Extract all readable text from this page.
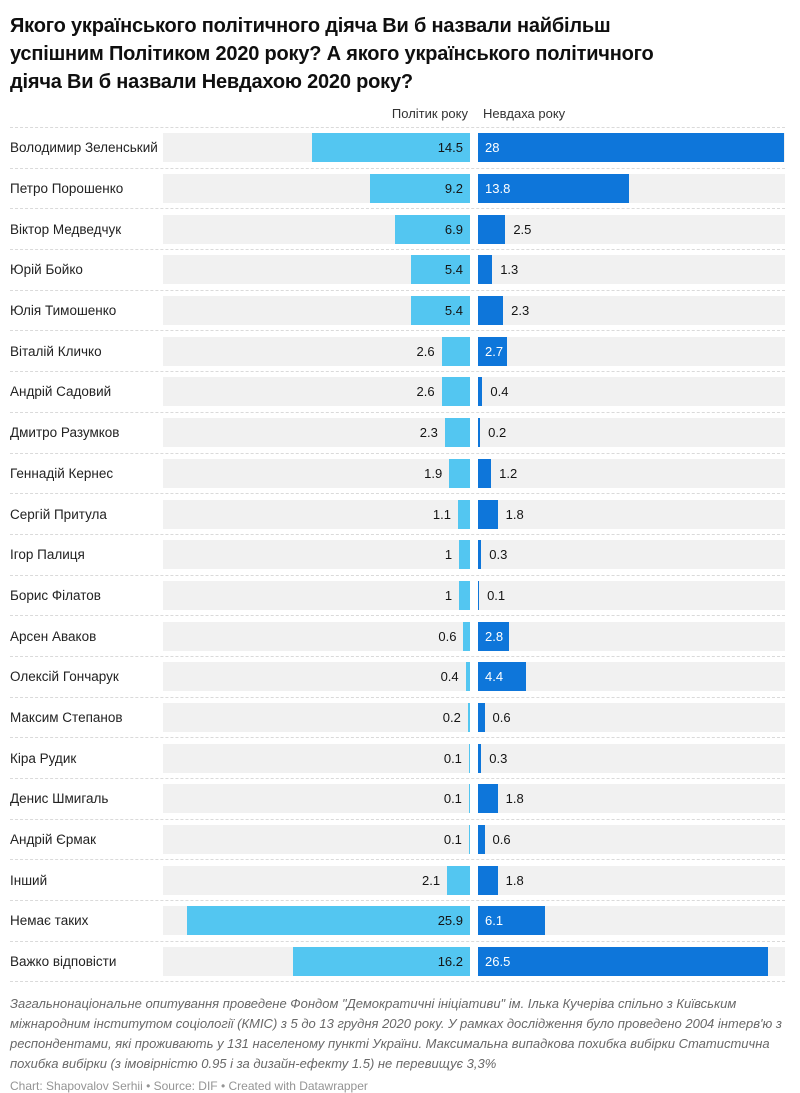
Якого українського політичного діяча Ви б назвали найбільш успішним Політиком 2020 року? А якого українського політичного діяча Ви б назвали Невдахою 2020 року?
Політик року	Невдаха року
Володимир Зеленський	14.5 28
Петро Порошенко	9.2 13.8
Віктор Медведчук	6.9	2.5
Юрій Бойко	5.4	1.3
Юлія Тимошенко	5.4	2.3
Віталій Кличко	2.6	2.7
Андрій Садовий	2.6	0.4
Дмитро Разумков	2.3	0.2
Геннадій Кернес	1.9	1.2
Сергій Притула	1.1	1.8
Ігор Палиця	1	0.3
Борис Філатов	1	0.1
Арсен Аваков	0.6 2.8
Олексій Гончарук	0.4 4.4
Максим Степанов	0.2 0.6
Кіра Рудик	0.1 0.3
Денис Шмигаль	0.1	1.8
Андрій Єрмак	0.1 0.6
Інший	2.1	1.8
Немає таких	25.9 6.1
Важко відповісти	16.2 26.5
Загальнонаціональне опитування проведене Фондом "Демократичні ініціативи" ім. Ілька Кучеріва спільно з Київським міжнародним інститутом соціології (КМІС) з 5 до 13 грудня 2020 року. У рамках дослідження було проведено 2004 інтерв'ю з респондентами, які проживають у 131 населеному пункті України. Максимальна випадкова похибка вибірки Статистична похибка вибірки (з імовірністю 0.95 і за дизайн-ефекту 1.5) не перевищує 3,3%
Chart: Shapovalov Serhii • Source: DIF • Created with Datawrapper
